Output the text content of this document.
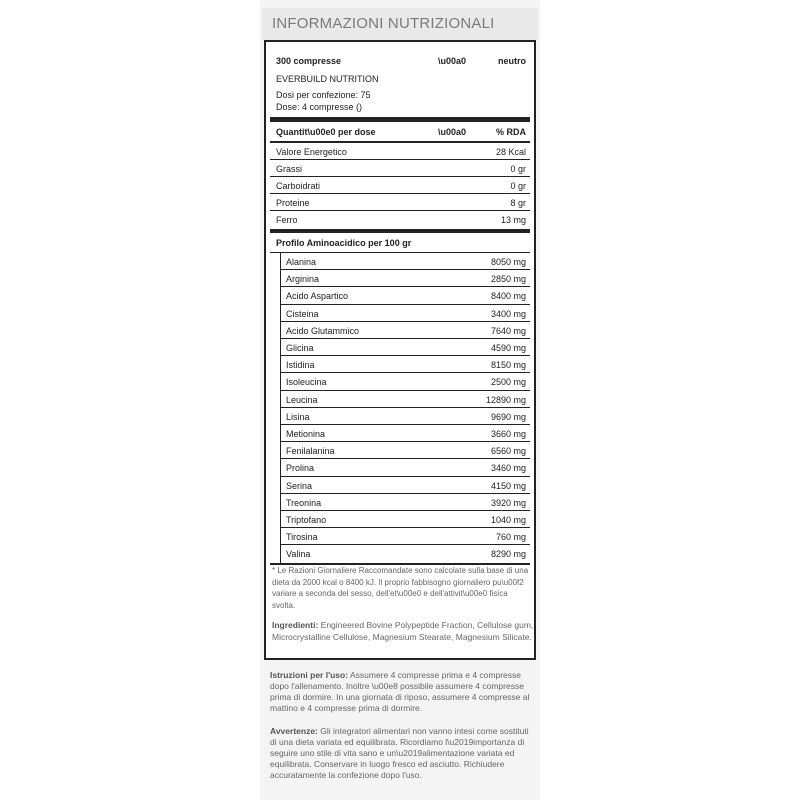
INFORMAZIONI NUTRIZIONALI
300 compresse	\u00a0	neutro
EVERBUILD NUTRITION
Dosi per confezione: 75
Dose: 4 compresse ()
Quantit\u00e0 per dose	\u00a0	% RDA
Valore Energetico	28 Kcal
Grassi	0 gr
Carboidrati	0 gr
Proteine	8 gr
Ferro	13 mg
Profilo Aminoacidico per 100 gr
Alanina	8050 mg
Arginina	2850 mg
Acido Aspartico	8400 mg
Cisteina	3400 mg
Acido Glutammico	7640 mg
Glicina	4590 mg
Istidina	8150 mg
Isoleucina	2500 mg
Leucina	12890 mg
Lisina	9690 mg
Metionina	3660 mg
Fenilalanina	6560 mg
Prolina	3460 mg
Serina	4150 mg
Treonina	3920 mg
Triptofano	1040 mg
Tirosina	760 mg
Valina	8290 mg
* Le Razioni Giornaliere Raccomandate sono calcolate sulla base di una dieta da 2000 kcal o 8400 kJ. Il proprio fabbisogno giornaliero pu\u00f2 variare a seconda del sesso, dell'et\u00e0 e dell'attivit\u00e0 fisica svolta.
Ingredienti: Engineered Bovine Polypeptide Fraction, Cellulose gum, Microcrystalline Cellulose, Magnesium Stearate, Magnesium Silicate.
Istruzioni per l'uso: Assumere 4 compresse prima e 4 compresse dopo l'allenamento. Inoltre \u00e8 possibile assumere 4 compresse prima di dormire. In una giornata di riposo, assumere 4 compresse al mattino e 4 compresse prima di dormire.
Avvertenze: Gli integratori alimentari non vanno intesi come sostituti di una dieta variata ed equilibrata. Ricordiamo l\u2019importanza di seguire uno stile di vita sano e un\u2019alimentazione variata ed equilibrata. Conservare in luogo fresco ed asciutto. Richiudere accuratamente la confezione dopo l'uso.
